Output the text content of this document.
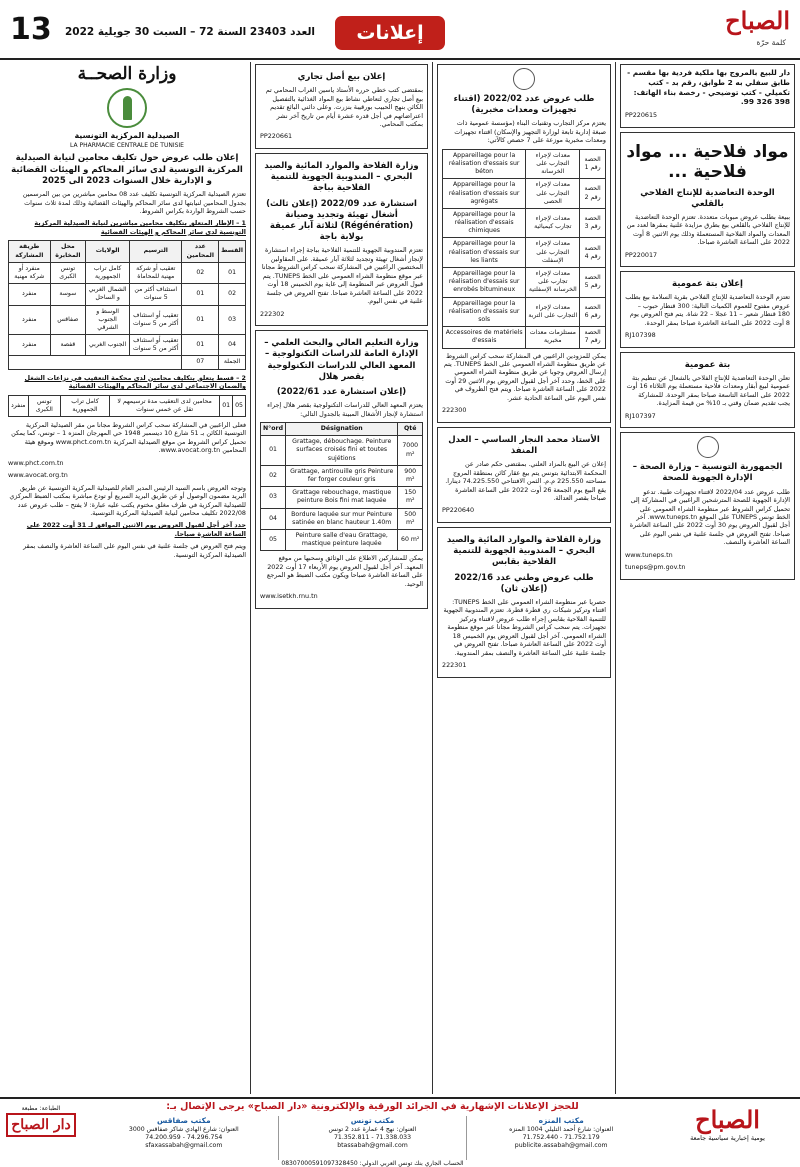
13 العدد 23403 السنة 72 – السبت 30 جويلية 2022	إعلانات	الصباح
كلمة حرّة

دار للبيع بالمروج بها ملكية فردية بها مقسم - طابق سفلي به 2 طوابق، رقم بد - كتب تكميلي - كتب توضيحي - رخصة بناء الهاتف: 398 326 99.

PP220615

مواد فلاحية ... مواد فلاحية ...
الوحدة التعاضدية للإنتاج الفلاحي بالقلعي

ببيعة بطلب عروض مبوبات متعددة. تعتزم الوحدة التعاضدية للإنتاج الفلاحي بالقلعي بيع بطرق مزايدة علنية بمقرها لعدد من المعدات والمواد الفلاحية المستعملة وذلك يوم الاثنين 8 أوت 2022 على الساعة العاشرة صباحا.

PP220017

إعلان بتة عمومية

تعتزم الوحدة التعاضدية للإنتاج الفلاحي بقرية السلامة بيع بطلب عروض مفتوح للعموم الكميات التالية: 300 قنطار حبوب – 180 قنطار شعير – 11 عجلا – 22 شاة. يتم فتح العروض يوم 8 أوت 2022 على الساعة العاشرة صباحا بمقر الوحدة.

RJ107398

بتة عمومية

تعلن الوحدة التعاضدية للإنتاج الفلاحي بالشعال عن تنظيم بتة عمومية لبيع أبقار ومعدات فلاحية مستعملة يوم الثلاثاء 16 أوت 2022 على الساعة التاسعة صباحا بمقر الوحدة. للمشاركة يجب تقديم ضمان وقتي بـ 10% من قيمة المزايدة.

RJ107397

الجمهورية التونسية – وزارة الصحة – الإدارة الجهوية للصحة

طلب عروض عدد 2022/04 لاقتناء تجهيزات طبية. تدعو الإدارة الجهوية للصحة المترشحين الراغبين في المشاركة إلى تحميل كراس الشروط عبر منظومة الشراء العمومي على الخط تونس TUNEPS على الموقع www.tuneps.tn. آخر أجل لقبول العروض يوم 30 أوت 2022 على الساعة العاشرة صباحا. تفتح العروض في جلسة علنية في نفس اليوم على الساعة العاشرة والنصف.

www.tuneps.tn

tuneps@pm.gov.tn

طلب عروض عدد 2022/02 (اقتناء تجهيزات ومعدات مخبرية)

يعتزم مركز التجارب وتقنيات البناء (مؤسسة عمومية ذات صبغة إدارية تابعة لوزارة التجهيز والإسكان) اقتناء تجهيزات ومعدات مخبرية موزعة على 7 حصص كالآتي:

الحصة رقم 1	معدات لإجراء التجارب على الخرسانة	Appareillage pour la réalisation d'essais sur béton
الحصة رقم 2	معدات لإجراء التجارب على الحصى	Appareillage pour la réalisation d'essais sur agrégats
الحصة رقم 3	معدات لإجراء تجارب كيميائية	Appareillage pour la réalisation d'essais chimiques
الحصة رقم 4	معدات لإجراء التجارب على الإسفلت	Appareillage pour la réalisation d'essais sur les liants
الحصة رقم 5	معدات لإجراء تجارب على الخرسانة الإسفلتية	Appareillage pour la réalisation d'essais sur enrobés bitumineux
الحصة رقم 6	معدات لإجراء التجارب على التربة	Appareillage pour la réalisation d'essais sur sols
الحصة رقم 7	مستلزمات معدات مخبرية	Accessoires de matériels d'essais

يمكن للمزودين الراغبين في المشاركة سحب كراس الشروط عن طريق منظومة الشراء العمومي على الخط TUNEPS. يتم إرسال العروض وجوبا عن طريق منظومة الشراء العمومي على الخط، وحدد آخر أجل لقبول العروض يوم الاثنين 29 أوت 2022 على الساعة العاشرة صباحا. ويتم فتح الظروف في نفس اليوم على الساعة الحادية عشر.

222300

الأستاذ محمد النجار الساسي – العدل المنفذ

إعلان عن البيع بالمزاد العلني. بمقتضى حكم صادر عن المحكمة الابتدائية بتونس يتم بيع عقار كائن بمنطقة المروج مساحته 225.550 م.م. الثمن الافتتاحي 74.225.550 دينارا. يقع البيع يوم الجمعة 26 أوت 2022 على الساعة العاشرة صباحا بقصر العدالة.

PP220640

وزارة الفلاحة والموارد المائية والصيد البحري – المندوبية الجهوية للتنمية الفلاحية بقابس
طلب عروض وطني عدد 2022/16 (إعلان ثان)

حصريا عبر منظومة الشراء العمومي على الخط TUNEPS: اقتناء وتركيز شبكات ري قطرة قطرة. تعتزم المندوبية الجهوية للتنمية الفلاحية بقابس إجراء طلب عروض لاقتناء وتركيز تجهيزات. يتم سحب كراس الشروط مجانا عبر موقع منظومة الشراء العمومي. آخر أجل لقبول العروض يوم الخميس 18 أوت 2022 على الساعة العاشرة صباحا. تفتح العروض في جلسة علنية على الساعة العاشرة والنصف بمقر المندوبية.

222301

إعلان بيع أصل تجاري

بمقتضى كتب خطي حرره الأستاذ ياسين الغراب المحامي تم بيع أصل تجاري لتعاطي نشاط بيع المواد الغذائية بالتفصيل الكائن بنهج الحبيب بورقيبة بنزرت. وعلى دائني البائع تقديم اعتراضاتهم في أجل قدره عشرة أيام من تاريخ آخر نشر بمكتب المحامي.

PP220661

وزارة الفلاحة والموارد المائية والصيد البحري – المندوبية الجهوية للتنمية الفلاحية بباجة
استشارة عدد 2022/09 (إعلان ثالث) أشغال تهيئة وتجديد وصيانة (Régénération) لثلاثة آبار عميقة بولاية باجة

تعتزم المندوبية الجهوية للتنمية الفلاحية بباجة إجراء استشارة لإنجاز أشغال تهيئة وتجديد لثلاثة آبار عميقة. على المقاولين المختصين الراغبين في المشاركة سحب كراس الشروط مجانا عبر موقع منظومة الشراء العمومي على الخط TUNEPS. يتم قبول العروض عبر المنظومة إلى غاية يوم الخميس 18 أوت 2022 على الساعة العاشرة صباحا. تفتح العروض في جلسة علنية في نفس اليوم.

222302

وزارة التعليم العالي والبحث العلمي – الإدارة العامة للدراسات التكنولوجية – المعهد العالي للدراسات التكنولوجية بقصر هلال
(إعلان استشارة عدد 2022/61)

يعتزم المعهد العالي للدراسات التكنولوجية بقصر هلال إجراء استشارة لإنجاز الأشغال المبينة بالجدول التالي:

N°ord	Désignation	Qté
01	Grattage, débouchage. Peinture surfaces croisés fini et toutes sujétions	7000 m²
02	Grattage, antirouille gris Peinture fer forger couleur gris	900 m²
03	Grattage rebouchage, mastique peinture Bois fini mat laquée	150 m²
04	Bordure laquée sur mur Peinture satinée en blanc hauteur 1.40m	500 m²
05	Peinture salle d'eau Grattage, mastique peinture laquée	60 m²

يمكن للمشاركين الاطلاع على الوثائق وسحبها من موقع المعهد. آخر أجل لقبول العروض يوم الأربعاء 17 أوت 2022 على الساعة العاشرة صباحا ويكون مكتب الضبط هو المرجع الوحيد.

www.isetkh.rnu.tn

وزارة الصحــة
الصيدلية المركزية التونسية
LA PHARMACIE CENTRALE DE TUNISIE
إعلان طلب عروض حول تكليف محامين لنيابة الصيدلية المركزية التونسية لدى سائر المحاكم و الهيئات القضائية و الإدارية خلال السنوات 2023 الى 2025

تعتزم الصيدلية المركزية التونسية تكليف عدد 08 محامين مباشرين من بين المرسمين بجدول المحامين لنيابتها لدى سائر المحاكم والهيئات القضائية وذلك لمدة ثلاث سنوات حسب الشروط الواردة بكراس الشروط.

1 – الإطار المتعلق بتكليف محامين مباشرين لنيابة الصيدلية المركزية التونسية لدى سائر المحاكم و الهيئات القضائية

القسط	عدد المحامين	الترسيم	الولايات	محل المخابرة	طريقة المشاركة
01	02	تعقيب أو شركة مهنية للمحاماة	كامل تراب الجمهورية	تونس الكبرى	منفرد أو شركة مهنية
02	01	استئناف أكثر من 5 سنوات	الشمال الغربي و الساحل	سوسة	منفرد
03	01	تعقيب أو استئناف أكثر من 5 سنوات	الوسط و الجنوب الشرقي	صفاقس	منفرد
04	01	تعقيب أو استئناف أكثر من 5 سنوات	الجنوب الغربي	قفصة	منفرد
الجملة	07				

2 – قسط يتعلق بتكليف محامين لدى محكمة التعقيب في نزاعات الشغل والضمان الاجتماعي لدى سائر المحاكم والهيئات القضائية

05	01	محامين لدى التعقيب مدة ترسيمهم لا تقل عن خمس سنوات	كامل تراب الجمهورية	تونس الكبرى	منفرد

فعلى الراغبين في المشاركة سحب كراس الشروط مجانا من مقر الصيدلية المركزية التونسية الكائن بـ 51 شارع 10 ديسمبر 1948 حي المهرجان المنزه 1 – تونس، كما يمكن تحميل كراس الشروط من موقع الصيدلية المركزية www.phct.com.tn وموقع هيئة المحامين www.avocat.org.tn.

www.phct.com.tn

www.avocat.org.tn

وتوجه العروض باسم السيد الرئيس المدير العام للصيدلية المركزية التونسية عن طريق البريد مضمون الوصول أو عن طريق البريد السريع أو تودع مباشرة بمكتب الضبط المركزي للصيدلية المركزية في ظرف مغلق مختوم يكتب عليه عبارة: لا يفتح – طلب عروض عدد 2022/08 تكليف محامين لنيابة الصيدلية المركزية التونسية.

حدد آخر أجل لقبول العروض يوم الاثنين الموافق لـ 31 أوت 2022 على الساعة العاشرة صباحا.

ويتم فتح العروض في جلسة علنية في نفس اليوم على الساعة العاشرة والنصف بمقر الصيدلية المركزية التونسية.

الصباح
يومية إخبارية سياسية جامعة
للحجز الإعلانات الإشهارية في الجرائد الورقية والإلكترونية «دار الصباح» يرجى الإتصال بـ:
مكتب المنزه
العنوان: شارع أحمد التليلي 1004 المنزه
71.752.179 - 71.752.440
publicite.assabah@gmail.com
مكتب تونس
العنوان: نهج 4 عمارة عدد 2 تونس
71.338.033 - 71.352.811
btassabah@gmail.com
مكتب صفاقس
العنوان: شارع الهادي شاكر صفاقس 3000
74.296.754 - 74.200.959
sfaxassabah@gmail.com
الحساب الجاري بنك تونس العربي الدولي: 08307000591097328450
الطباعة: مطبعة
دار الصباح
